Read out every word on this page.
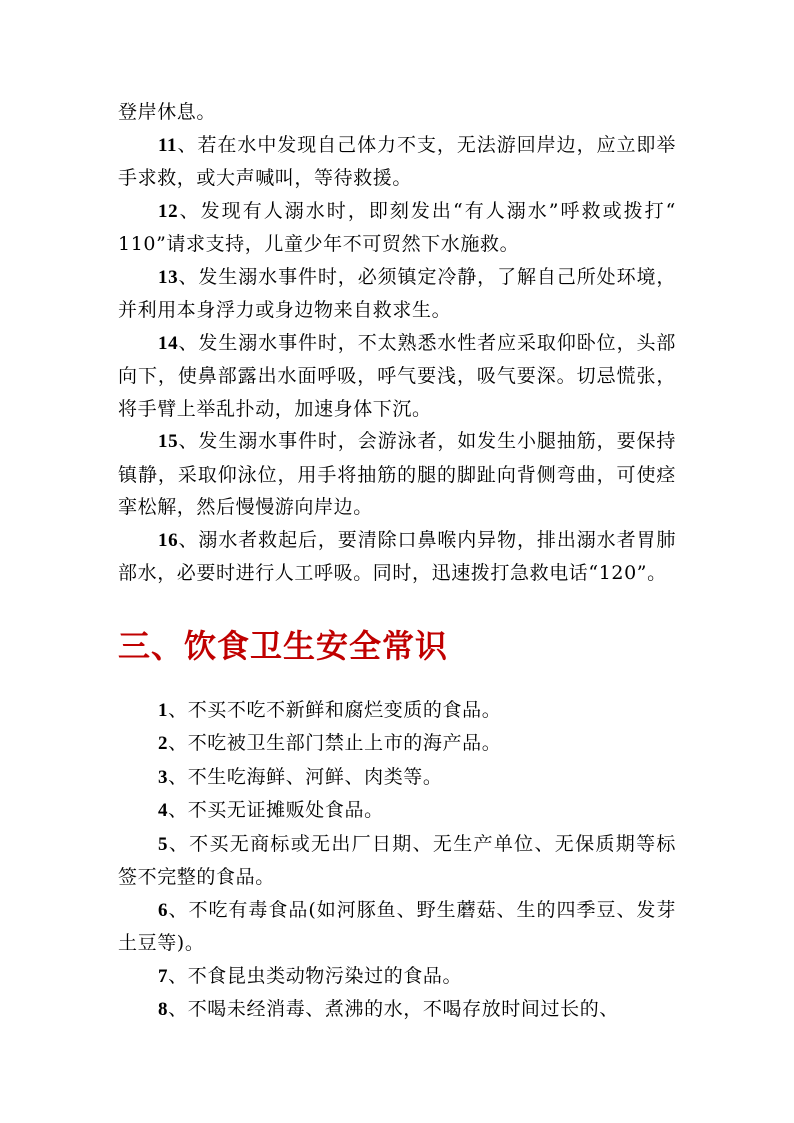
登岸休息。

11、若在水中发现自己体力不支，无法游回岸边，应立即举手求救，或大声喊叫，等待救援。

12、发现有人溺水时，即刻发出“有人溺水”呼救或拨打“ 110”请求支持，儿童少年不可贸然下水施救。

13、发生溺水事件时，必须镇定冷静，了解自己所处环境，并利用本身浮力或身边物来自救求生。

14、发生溺水事件时，不太熟悉水性者应采取仰卧位，头部向下，使鼻部露出水面呼吸，呼气要浅，吸气要深。切忌慌张，将手臂上举乱扑动，加速身体下沉。

15、发生溺水事件时，会游泳者，如发生小腿抽筋，要保持镇静，采取仰泳位，用手将抽筋的腿的脚趾向背侧弯曲，可使痉挛松解，然后慢慢游向岸边。

16、溺水者救起后，要清除口鼻喉内异物，排出溺水者胃肺部水，必要时进行人工呼吸。同时，迅速拨打急救电话“120”。

三、饮食卫生安全常识

1、不买不吃不新鲜和腐烂变质的食品。

2、不吃被卫生部门禁止上市的海产品。

3、不生吃海鲜、河鲜、肉类等。

4、不买无证摊贩处食品。

5、不买无商标或无出厂日期、无生产单位、无保质期等标签不完整的食品。

6、不吃有毒食品(如河豚鱼、野生蘑菇、生的四季豆、发芽土豆等)。

7、不食昆虫类动物污染过的食品。

8、不喝未经消毒、煮沸的水，不喝存放时间过长的、
